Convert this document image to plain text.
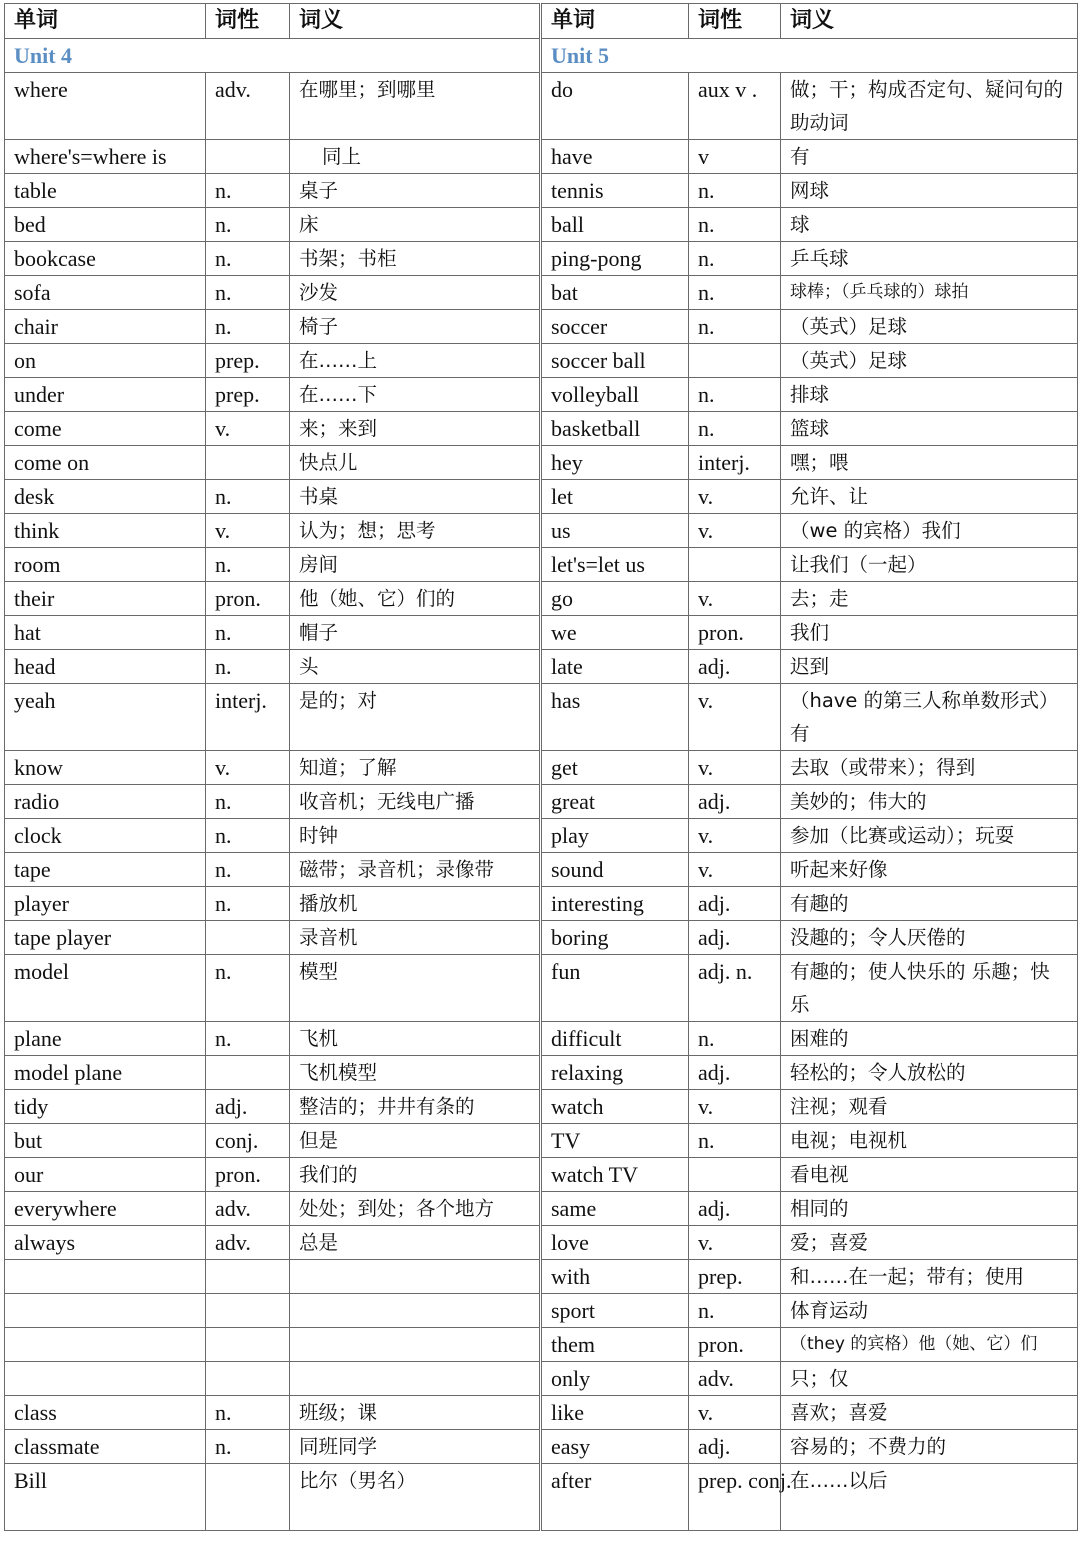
单词	词性	词义	单词	词性	词义
Unit 4			Unit 5		
where	adv.	在哪里；到哪里	do	aux v .	做；干；构成否定句、疑问句的助动词
where's=where is		同上	have	v	有
table	n.	桌子	tennis	n.	网球
bed	n.	床	ball	n.	球
bookcase	n.	书架；书柜	ping-pong	n.	乒乓球
sofa	n.	沙发	bat	n.	球棒；（乒乓球的）球拍
chair	n.	椅子	soccer	n.	（英式）足球
on	prep.	在……上	soccer ball		（英式）足球
under	prep.	在……下	volleyball	n.	排球
come	v.	来；来到	basketball	n.	篮球
come on		快点儿	hey	interj.	嘿；喂
desk	n.	书桌	let	v.	允许、让
think	v.	认为；想；思考	us	v.	（we 的宾格）我们
room	n.	房间	let's=let us		让我们（一起）
their	pron.	他（她、它）们的	go	v.	去；走
hat	n.	帽子	we	pron.	我们
head	n.	头	late	adj.	迟到
yeah	interj.	是的；对	has	v.	（have 的第三人称单数形式）有
know	v.	知道；了解	get	v.	去取（或带来）；得到
radio	n.	收音机；无线电广播	great	adj.	美妙的；伟大的
clock	n.	时钟	play	v.	参加（比赛或运动）；玩耍
tape	n.	磁带；录音机；录像带	sound	v.	听起来好像
player	n.	播放机	interesting	adj.	有趣的
tape player		录音机	boring	adj.	没趣的；令人厌倦的
model	n.	模型	fun	adj. n.	有趣的；使人快乐的 乐趣；快乐
plane	n.	飞机	difficult	n.	困难的
model plane		飞机模型	relaxing	adj.	轻松的；令人放松的
tidy	adj.	整洁的；井井有条的	watch	v.	注视；观看
but	conj.	但是	TV	n.	电视；电视机
our	pron.	我们的	watch TV		看电视
everywhere	adv.	处处；到处；各个地方	same	adj.	相同的
always	adv.	总是	love	v.	爱；喜爱
			with	prep.	和……在一起；带有；使用
			sport	n.	体育运动
			them	pron.	（they 的宾格）他（她、它）们
			only	adv.	只；仅
class	n.	班级；课	like	v.	喜欢；喜爱
classmate	n.	同班同学	easy	adj.	容易的；不费力的
Bill		比尔（男名）	after	prep. conj.	在……以后
